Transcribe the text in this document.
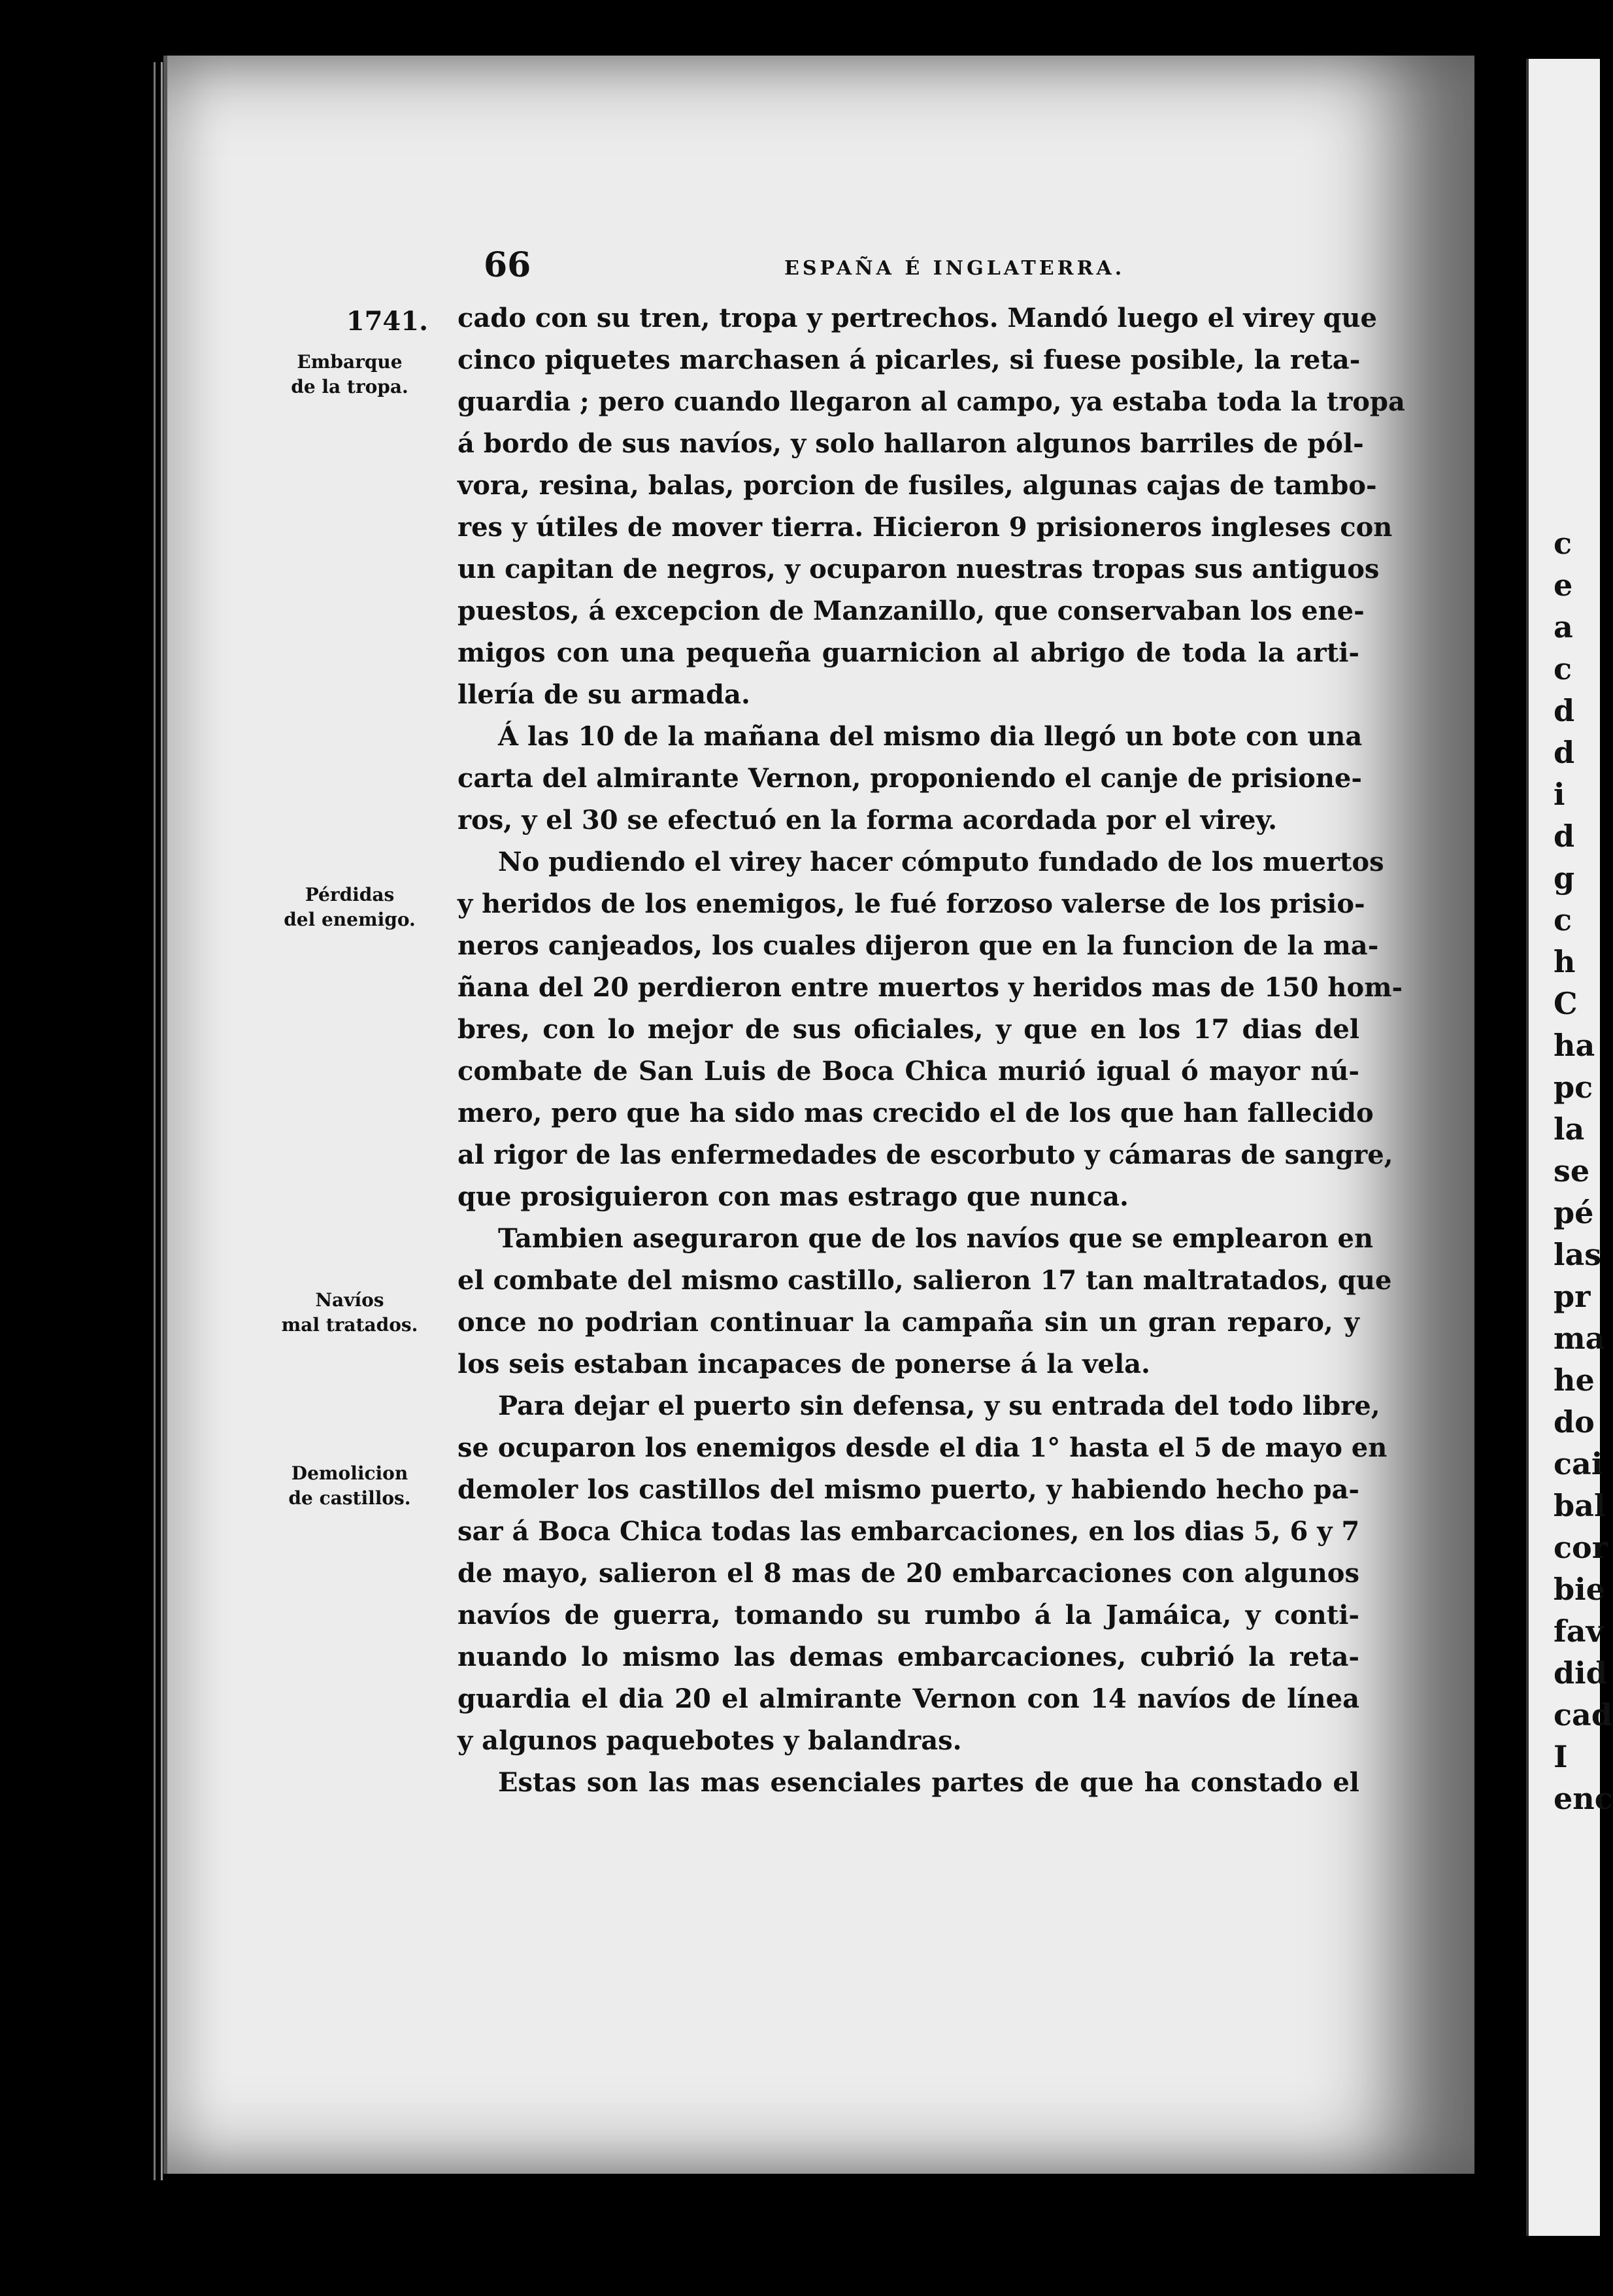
66	ESPAÑA É INGLATERRA.
1741.
Embarque
de la tropa.
Pérdidas
del enemigo.
Navíos
mal tratados.
Demolicion
de castillos.
cado con su tren, tropa y pertrechos. Mandó luego el virey que
cinco piquetes marchasen á picarles, si fuese posible, la reta-
guardia ; pero cuando llegaron al campo, ya estaba toda la tropa
á bordo de sus navíos, y solo hallaron algunos barriles de pól-
vora, resina, balas, porcion de fusiles, algunas cajas de tambo-
res y útiles de mover tierra. Hicieron 9 prisioneros ingleses con
un capitan de negros, y ocuparon nuestras tropas sus antiguos
puestos, á excepcion de Manzanillo, que conservaban los ene-
migos con una pequeña guarnicion al abrigo de toda la arti-
llería de su armada.
Á las 10 de la mañana del mismo dia llegó un bote con una
carta del almirante Vernon, proponiendo el canje de prisione-
ros, y el 30 se efectuó en la forma acordada por el virey.
No pudiendo el virey hacer cómputo fundado de los muertos
y heridos de los enemigos, le fué forzoso valerse de los prisio-
neros canjeados, los cuales dijeron que en la funcion de la ma-
ñana del 20 perdieron entre muertos y heridos mas de 150 hom-
bres, con lo mejor de sus oficiales, y que en los 17 dias del
combate de San Luis de Boca Chica murió igual ó mayor nú-
mero, pero que ha sido mas crecido el de los que han fallecido
al rigor de las enfermedades de escorbuto y cámaras de sangre,
que prosiguieron con mas estrago que nunca.
Tambien aseguraron que de los navíos que se emplearon en
el combate del mismo castillo, salieron 17 tan maltratados, que
once no podrian continuar la campaña sin un gran reparo, y
los seis estaban incapaces de ponerse á la vela.
Para dejar el puerto sin defensa, y su entrada del todo libre,
se ocuparon los enemigos desde el dia 1° hasta el 5 de mayo en
demoler los castillos del mismo puerto, y habiendo hecho pa-
sar á Boca Chica todas las embarcaciones, en los dias 5, 6 y 7
de mayo, salieron el 8 mas de 20 embarcaciones con algunos
navíos de guerra, tomando su rumbo á la Jamáica, y conti-
nuando lo mismo las demas embarcaciones, cubrió la reta-
guardia el dia 20 el almirante Vernon con 14 navíos de línea
y algunos paquebotes y balandras.
Estas son las mas esenciales partes de que ha constado el
c
e
a
c
d
d
i
d
g
c
h
C
ha
pc
la
se
pé
las
pr
ma
he
do
cai
bal
cor
bie
fav
did
cad
I
enc
